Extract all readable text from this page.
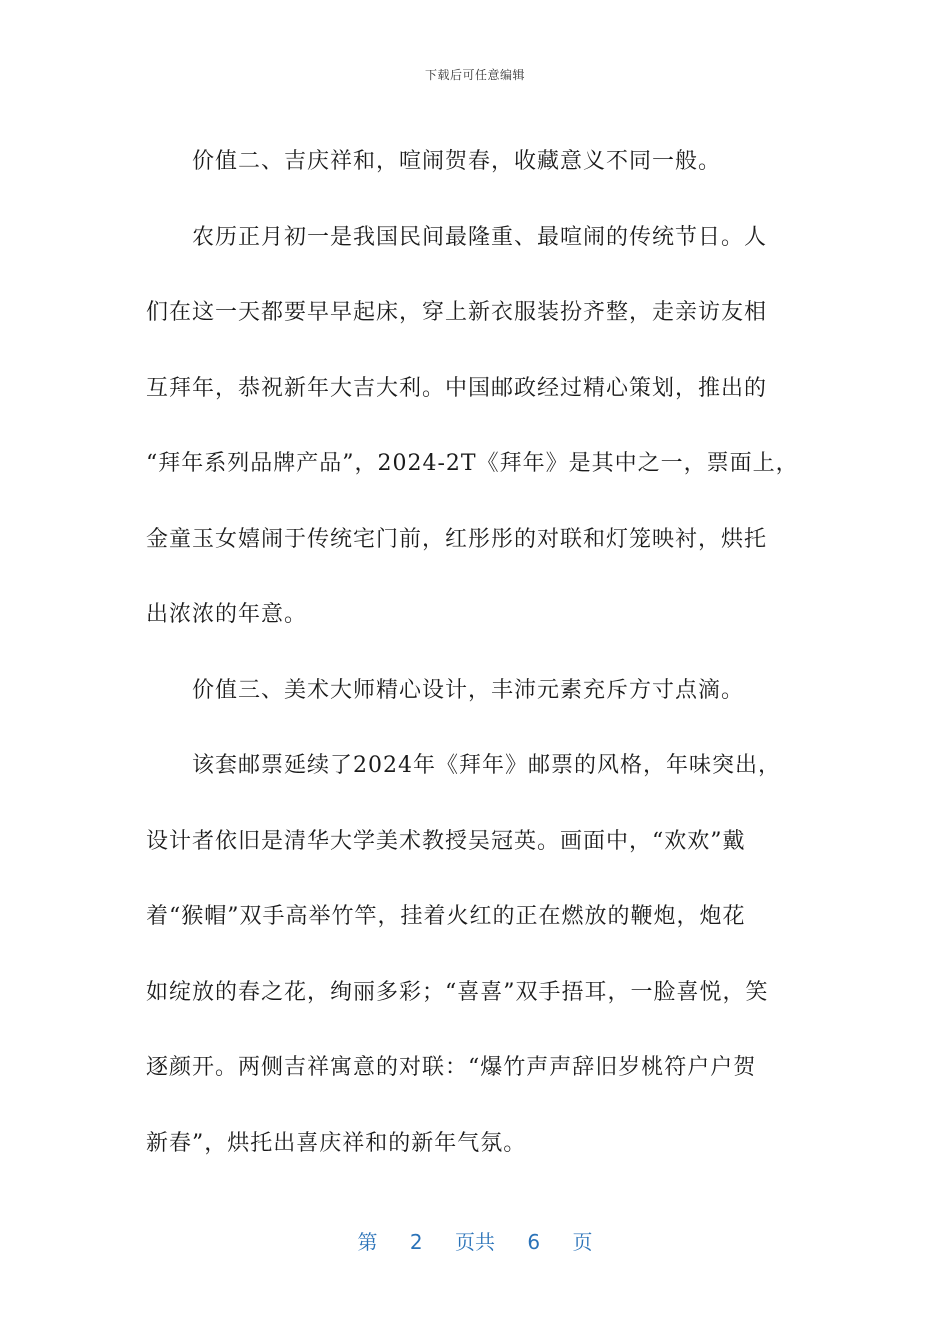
下载后可任意编辑
价值二、吉庆祥和，喧闹贺春，收藏意义不同一般。
农历正月初一是我国民间最隆重、最喧闹的传统节日。人
们在这一天都要早早起床，穿上新衣服装扮齐整，走亲访友相
互拜年，恭祝新年大吉大利。中国邮政经过精心策划，推出的
“拜年系列品牌产品”，2024-2T《拜年》是其中之一，票面上，
金童玉女嬉闹于传统宅门前，红彤彤的对联和灯笼映衬，烘托
出浓浓的年意。
价值三、美术大师精心设计，丰沛元素充斥方寸点滴。
该套邮票延续了2024年《拜年》邮票的风格，年味突出，
设计者依旧是清华大学美术教授吴冠英。画面中，“欢欢”戴
着“猴帽”双手高举竹竿，挂着火红的正在燃放的鞭炮，炮花
如绽放的春之花，绚丽多彩；“喜喜”双手捂耳，一脸喜悦，笑
逐颜开。两侧吉祥寓意的对联：“爆竹声声辞旧岁桃符户户贺
新春”，烘托出喜庆祥和的新年气氛。
第 2 页共 6 页
